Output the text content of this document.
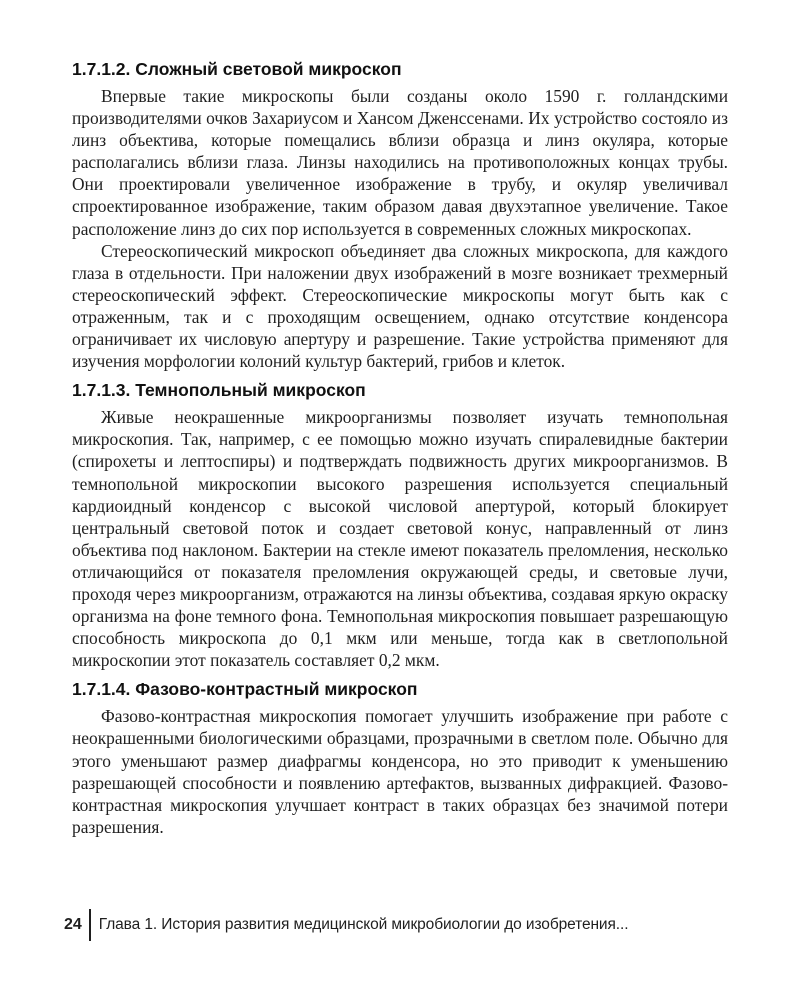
1.7.1.2. Сложный световой микроскоп

Впервые такие микроскопы были созданы около 1590 г. голландскими производителями очков Захариусом и Хансом Дженссенами. Их устройство состояло из линз объектива, которые помещались вблизи образца и линз окуляра, которые располагались вблизи глаза. Линзы находились на противоположных концах трубы. Они проектировали увеличенное изображение в трубу, и окуляр увеличивал спроектированное изображение, таким образом давая двухэтапное увеличение. Такое расположение линз до сих пор используется в современных сложных микроскопах.

Стереоскопический микроскоп объединяет два сложных микроскопа, для каждого глаза в отдельности. При наложении двух изображений в мозге возникает трехмерный стереоскопический эффект. Стереоскопические микроскопы могут быть как с отраженным, так и с проходящим освещением, однако отсутствие конденсора ограничивает их числовую апертуру и разрешение. Такие устройства применяют для изучения морфологии колоний культур бактерий, грибов и клеток.

1.7.1.3. Темнопольный микроскоп

Живые неокрашенные микроорганизмы позволяет изучать темнопольная микроскопия. Так, например, с ее помощью можно изучать спиралевидные бактерии (спирохеты и лептоспиры) и подтверждать подвижность других микроорганизмов. В темнопольной микроскопии высокого разрешения используется специальный кардиоидный конденсор с высокой числовой апертурой, который блокирует центральный световой поток и создает световой конус, направленный от линз объектива под наклоном. Бактерии на стекле имеют показатель преломления, несколько отличающийся от показателя преломления окружающей среды, и световые лучи, проходя через микроорганизм, отражаются на линзы объектива, создавая яркую окраску организма на фоне темного фона. Темнопольная микроскопия повышает разрешающую способность микроскопа до 0,1 мкм или меньше, тогда как в светлопольной микроскопии этот показатель составляет 0,2 мкм.

1.7.1.4. Фазово-контрастный микроскоп

Фазово-контрастная микроскопия помогает улучшить изображение при работе с неокрашенными биологическими образцами, прозрачными в светлом поле. Обычно для этого уменьшают размер диафрагмы конденсора, но это приводит к уменьшению разрешающей способности и появлению артефактов, вызванных дифракцией. Фазово-контрастная микроскопия улучшает контраст в таких образцах без значимой потери разрешения.

24	Глава 1. История развития медицинской микробиологии до изобретения...
